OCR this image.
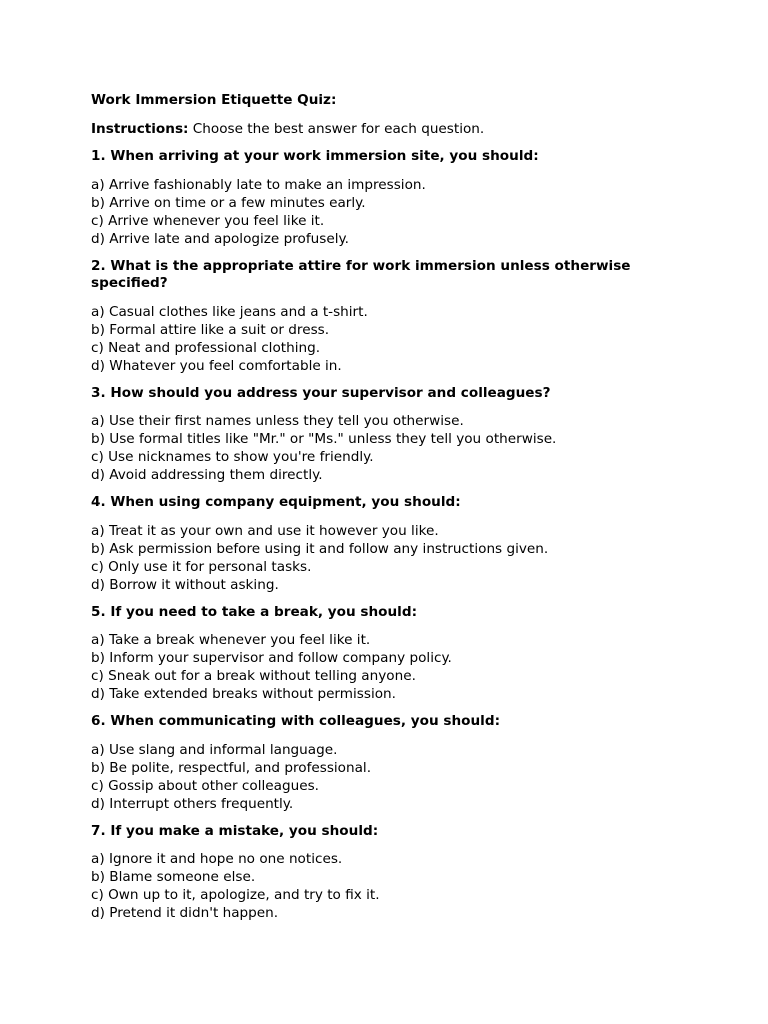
Work Immersion Etiquette Quiz:

Instructions: Choose the best answer for each question.

1. When arriving at your work immersion site, you should:

a) Arrive fashionably late to make an impression.
b) Arrive on time or a few minutes early.
c) Arrive whenever you feel like it.
d) Arrive late and apologize profusely.

2. What is the appropriate attire for work immersion unless otherwise specified?

a) Casual clothes like jeans and a t-shirt.
b) Formal attire like a suit or dress.
c) Neat and professional clothing.
d) Whatever you feel comfortable in.

3. How should you address your supervisor and colleagues?

a) Use their first names unless they tell you otherwise.
b) Use formal titles like "Mr." or "Ms." unless they tell you otherwise.
c) Use nicknames to show you're friendly.
d) Avoid addressing them directly.

4. When using company equipment, you should:

a) Treat it as your own and use it however you like.
b) Ask permission before using it and follow any instructions given.
c) Only use it for personal tasks.
d) Borrow it without asking.

5. If you need to take a break, you should:

a) Take a break whenever you feel like it.
b) Inform your supervisor and follow company policy.
c) Sneak out for a break without telling anyone.
d) Take extended breaks without permission.

6. When communicating with colleagues, you should:

a) Use slang and informal language.
b) Be polite, respectful, and professional.
c) Gossip about other colleagues.
d) Interrupt others frequently.

7. If you make a mistake, you should:

a) Ignore it and hope no one notices.
b) Blame someone else.
c) Own up to it, apologize, and try to fix it.
d) Pretend it didn't happen.
